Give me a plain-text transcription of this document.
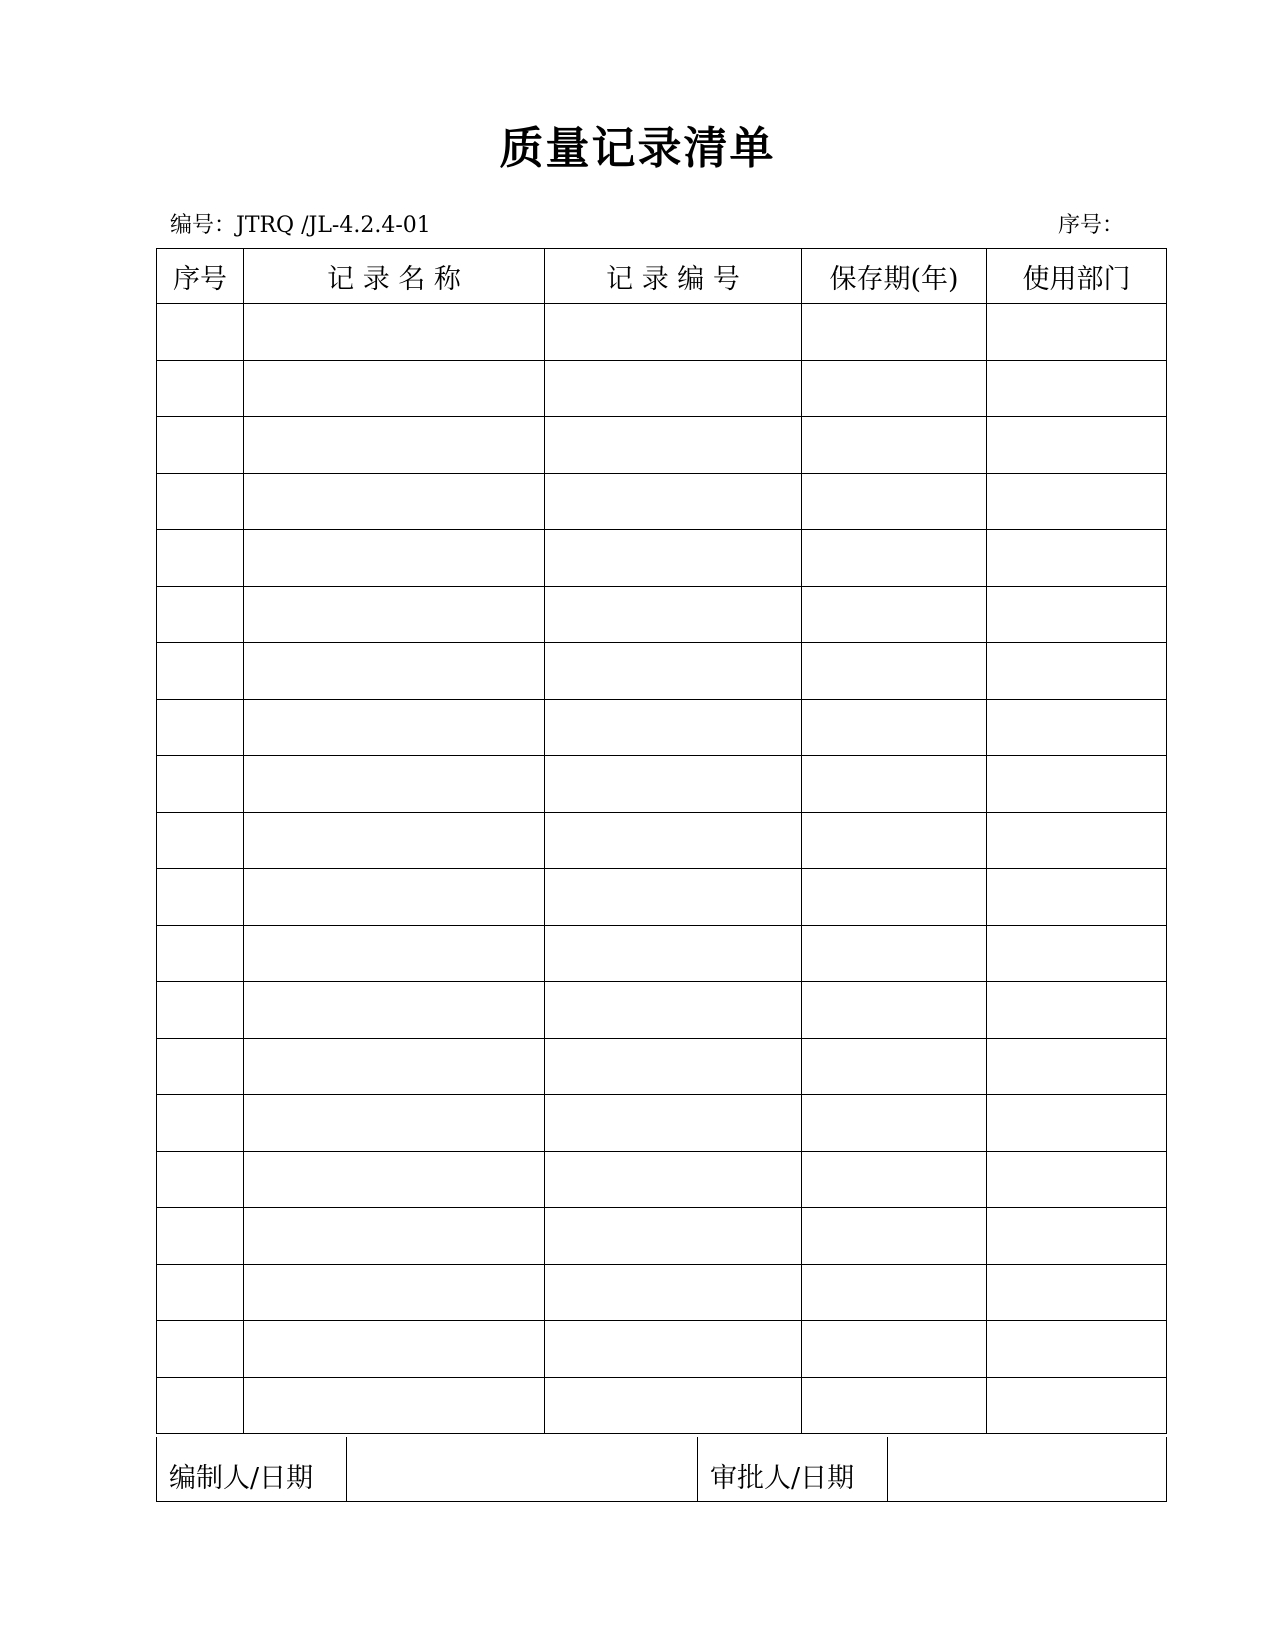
质量记录清单
编号：JTRQ /JL-4.2.4-01	序号：
序号	记 录 名 称	记 录 编 号	保存期(年)	使用部门

编制人/日期		审批人/日期	
